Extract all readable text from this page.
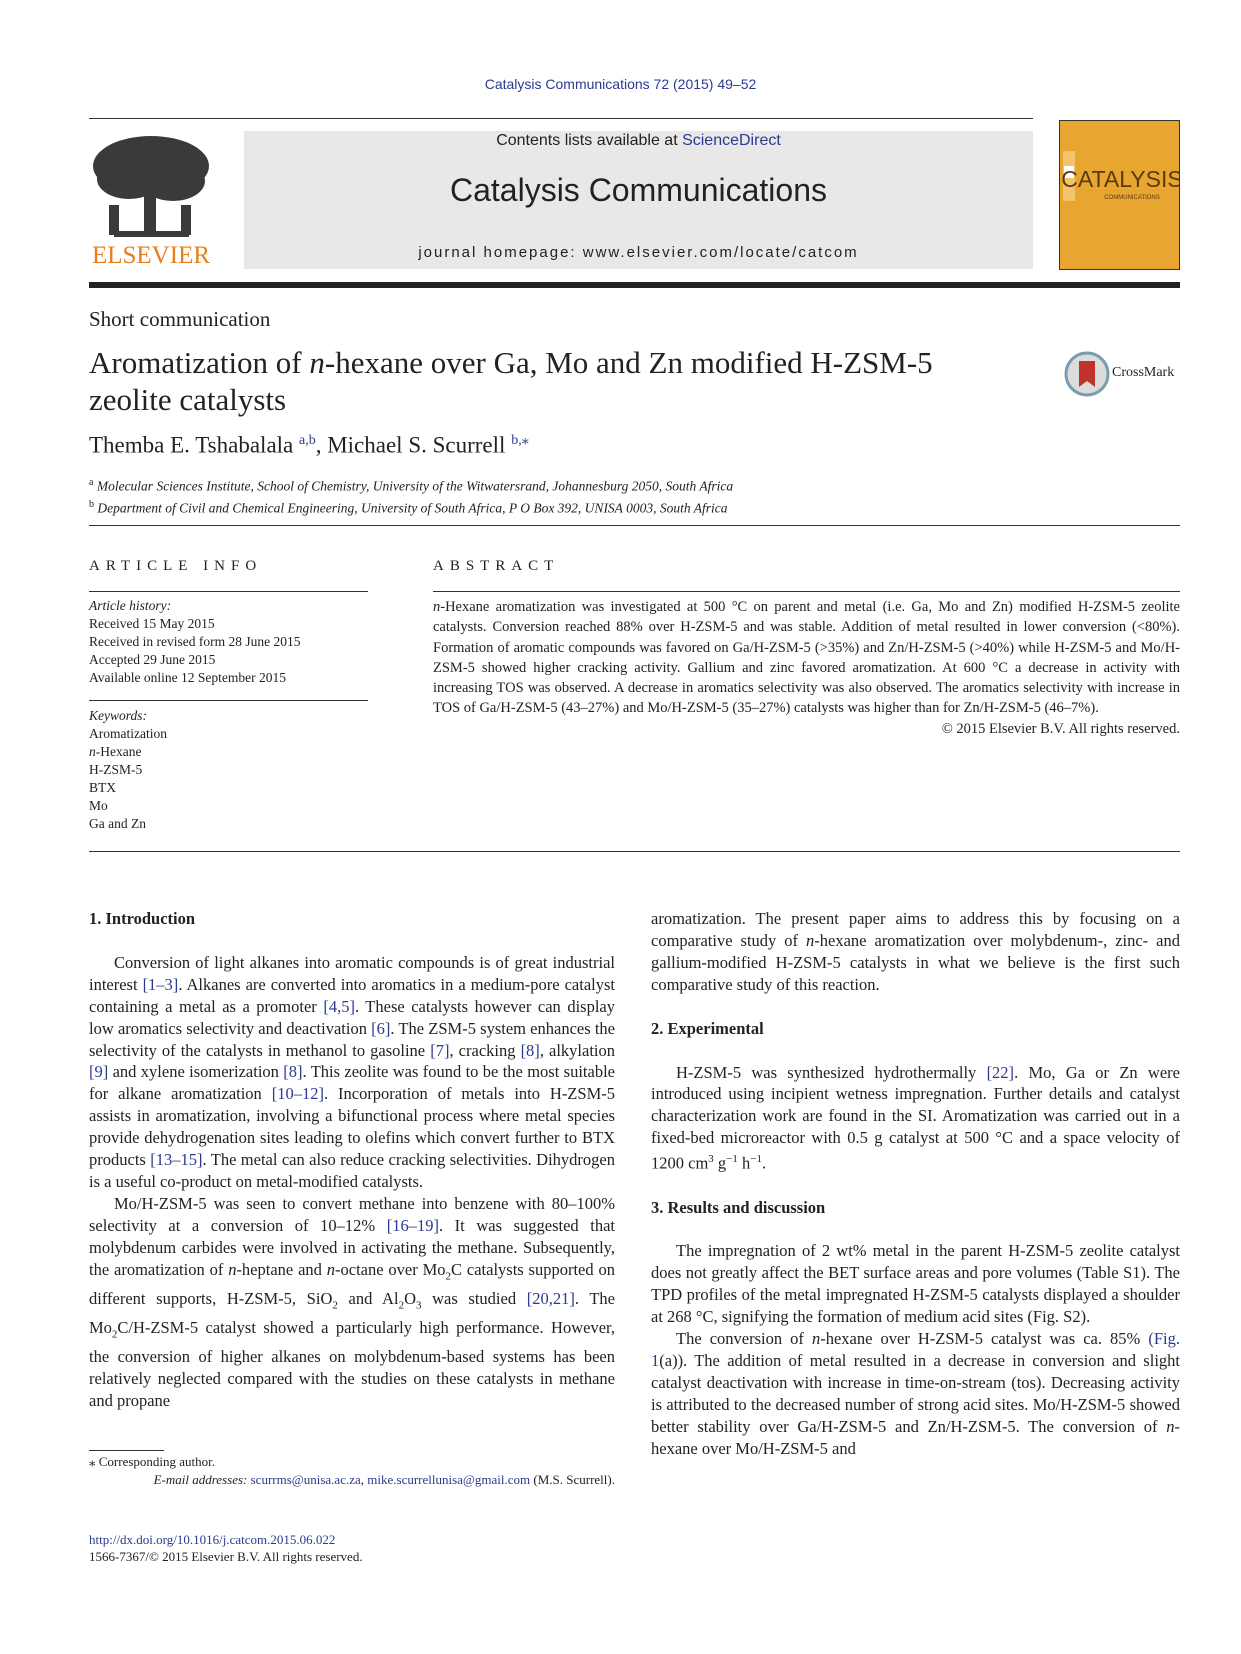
Catalysis Communications 72 (2015) 49–52
ELSEVIER
Contents lists available at ScienceDirect
Catalysis Communications
journal homepage: www.elsevier.com/locate/catcom
CATALYSIS
COMMUNICATIONS
Short communication
Aromatization of n-hexane over Ga, Mo and Zn modified H-ZSM-5
zeolite catalysts
CrossMark
Themba E. Tshabalala $^{a,b}$, Michael S. Scurrell $^{b,⁎}$
$^a$ Molecular Sciences Institute, School of Chemistry, University of the Witwatersrand, Johannesburg 2050, South Africa
$^b$ Department of Civil and Chemical Engineering, University of South Africa, P O Box 392, UNISA 0003, South Africa
ARTICLE INFO	ABSTRACT
Article history:
Received 15 May 2015
Received in revised form 28 June 2015
Accepted 29 June 2015
Available online 12 September 2015
Keywords:
Aromatization
n-Hexane
H-ZSM-5
BTX
Mo
Ga and Zn
n-Hexane aromatization was investigated at 500 °C on parent and metal (i.e. Ga, Mo and Zn) modified H-ZSM-5 zeolite catalysts. Conversion reached 88% over H-ZSM-5 and was stable. Addition of metal resulted in lower conversion (<80%). Formation of aromatic compounds was favored on Ga/H-ZSM-5 (>35%) and Zn/H-ZSM-5 (>40%) while H-ZSM-5 and Mo/H-ZSM-5 showed higher cracking activity. Gallium and zinc favored aromatization. At 600 °C a decrease in activity with increasing TOS was observed. A decrease in aromatics selectivity was also observed. The aromatics selectivity with increase in TOS of Ga/H-ZSM-5 (43–27%) and Mo/H-ZSM-5 (35–27%) catalysts was higher than for Zn/H-ZSM-5 (46–7%).
© 2015 Elsevier B.V. All rights reserved.

1. Introduction

Conversion of light alkanes into aromatic compounds is of great industrial interest [1–3]. Alkanes are converted into aromatics in a medium-pore catalyst containing a metal as a promoter [4,5]. These catalysts however can display low aromatics selectivity and deactivation [6]. The ZSM-5 system enhances the selectivity of the catalysts in methanol to gasoline [7], cracking [8], alkylation [9] and xylene isomerization [8]. This zeolite was found to be the most suitable for alkane aromatization [10–12]. Incorporation of metals into H-ZSM-5 assists in aromatization, involving a bifunctional process where metal species provide dehydrogenation sites leading to olefins which convert further to BTX products [13–15]. The metal can also reduce cracking selectivities. Dihydrogen is a useful co-product on metal-modified catalysts.

Mo/H-ZSM-5 was seen to convert methane into benzene with 80–100% selectivity at a conversion of 10–12% [16–19]. It was suggested that molybdenum carbides were involved in activating the methane. Subsequently, the aromatization of n-heptane and n-octane over $Mo_2C$ catalysts supported on different supports, H-ZSM-5, SiO$_2$ and $Al_2O_3$ was studied [20,21]. The $Mo_2C/H-ZSM-5$ catalyst showed a particularly high performance. However, the conversion of higher alkanes on molybdenum-based systems has been relatively neglected compared with the studies on these catalysts in methane and propane

aromatization. The present paper aims to address this by focusing on a comparative study of n-hexane aromatization over molybdenum-, zinc- and gallium-modified H-ZSM-5 catalysts in what we believe is the first such comparative study of this reaction.

2. Experimental

H-ZSM-5 was synthesized hydrothermally [22]. Mo, Ga or Zn were introduced using incipient wetness impregnation. Further details and catalyst characterization work are found in the SI. Aromatization was carried out in a fixed-bed microreactor with 0.5 g catalyst at 500 °C and a space velocity of 1200 $cm^3$ $g^{-1}$ $h^{-1}$.

3. Results and discussion

The impregnation of 2 wt% metal in the parent H-ZSM-5 zeolite catalyst does not greatly affect the BET surface areas and pore volumes (Table S1). The TPD profiles of the metal impregnated H-ZSM-5 catalysts displayed a shoulder at 268 °C, signifying the formation of medium acid sites (Fig. S2).

The conversion of n-hexane over H-ZSM-5 catalyst was ca. 85% (Fig. 1(a)). The addition of metal resulted in a decrease in conversion and slight catalyst deactivation with increase in time-on-stream (tos). Decreasing activity is attributed to the decreased number of strong acid sites. Mo/H-ZSM-5 showed better stability over Ga/H-ZSM-5 and Zn/H-ZSM-5. The conversion of n-hexane over Mo/H-ZSM-5 and

⁎ Corresponding author.
E-mail addresses: scurrms@unisa.ac.za, mike.scurrellunisa@gmail.com (M.S. Scurrell).
http://dx.doi.org/10.1016/j.catcom.2015.06.022
1566-7367/© 2015 Elsevier B.V. All rights reserved.
